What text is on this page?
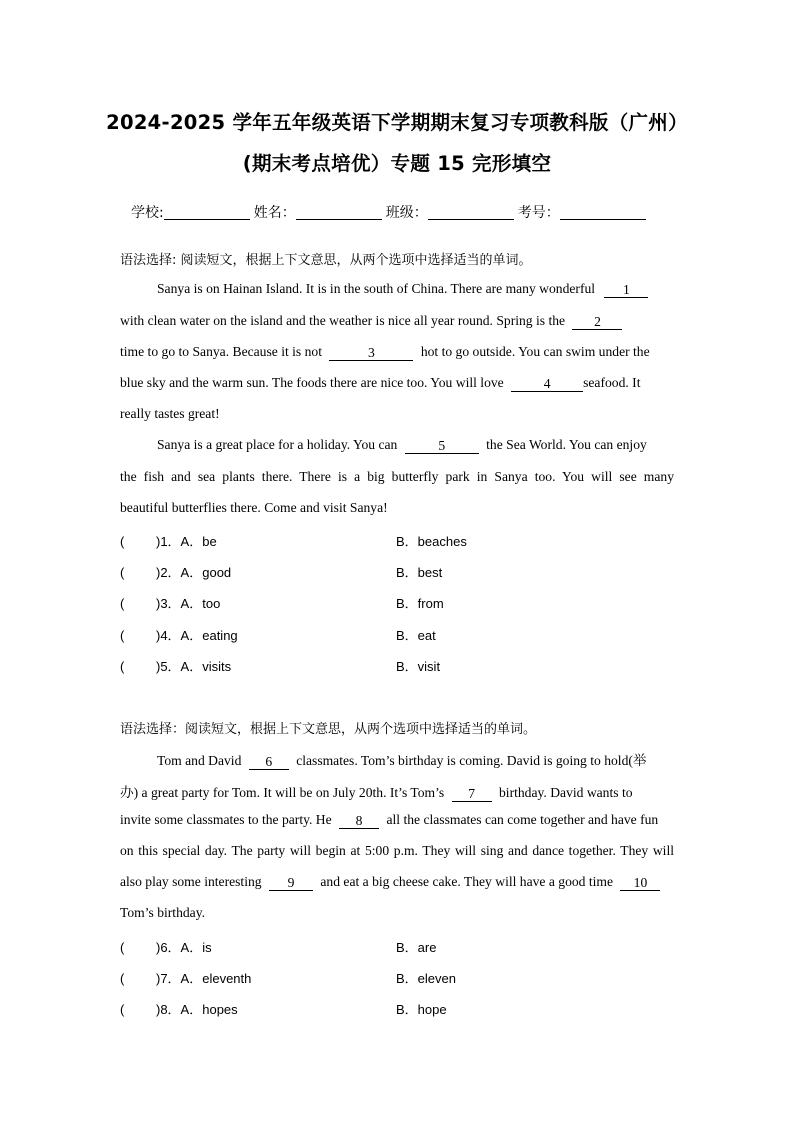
2024-2025 学年五年级英语下学期期末复习专项教科版（广州）
(期末考点培优）专题 15 完形填空
学校:	姓名：	班级：	考号：
语法选择: 阅读短文，根据上下文意思，从两个选项中选择适当的单词。
Sanya is on Hainan Island. It is in the south of China. There are many wonderful 1
with clean water on the island and the weather is nice all year round. Spring is the 2
time to go to Sanya. Because it is not	3	hot to go outside. You can swim under the
blue sky and the warm sun. The foods there are nice too. You will love	4 seafood. It
really tastes great!
Sanya is a great place for a holiday. You can	5	the Sea World. You can enjoy
the fish and sea plants there. There is a big butterfly park in Sanya too. You will see many
beautiful butterflies there. Come and visit Sanya!
( )1．A．be	B．beaches
( )2．A．good	B．best
( )3．A．too	B．from
( )4．A．eating	B．eat
( )5．A．visits	B．visit
语法选择：阅读短文，根据上下文意思，从两个选项中选择适当的单词。
Tom and David 6 classmates. Tom’s birthday is coming. David is going to hold(举
办) a great party for Tom. It will be on July 20th. It’s Tom’s 7 birthday. David wants to
invite some classmates to the party. He 8 all the classmates can come together and have fun
on this special day. The party will begin at 5:00 p.m. They will sing and dance together. They will
also play some interesting 9 and eat a big cheese cake. They will have a good time 10
Tom’s birthday.
( )6．A．is	B．are
( )7．A．eleventh	B．eleven
( )8．A．hopes	B．hope
